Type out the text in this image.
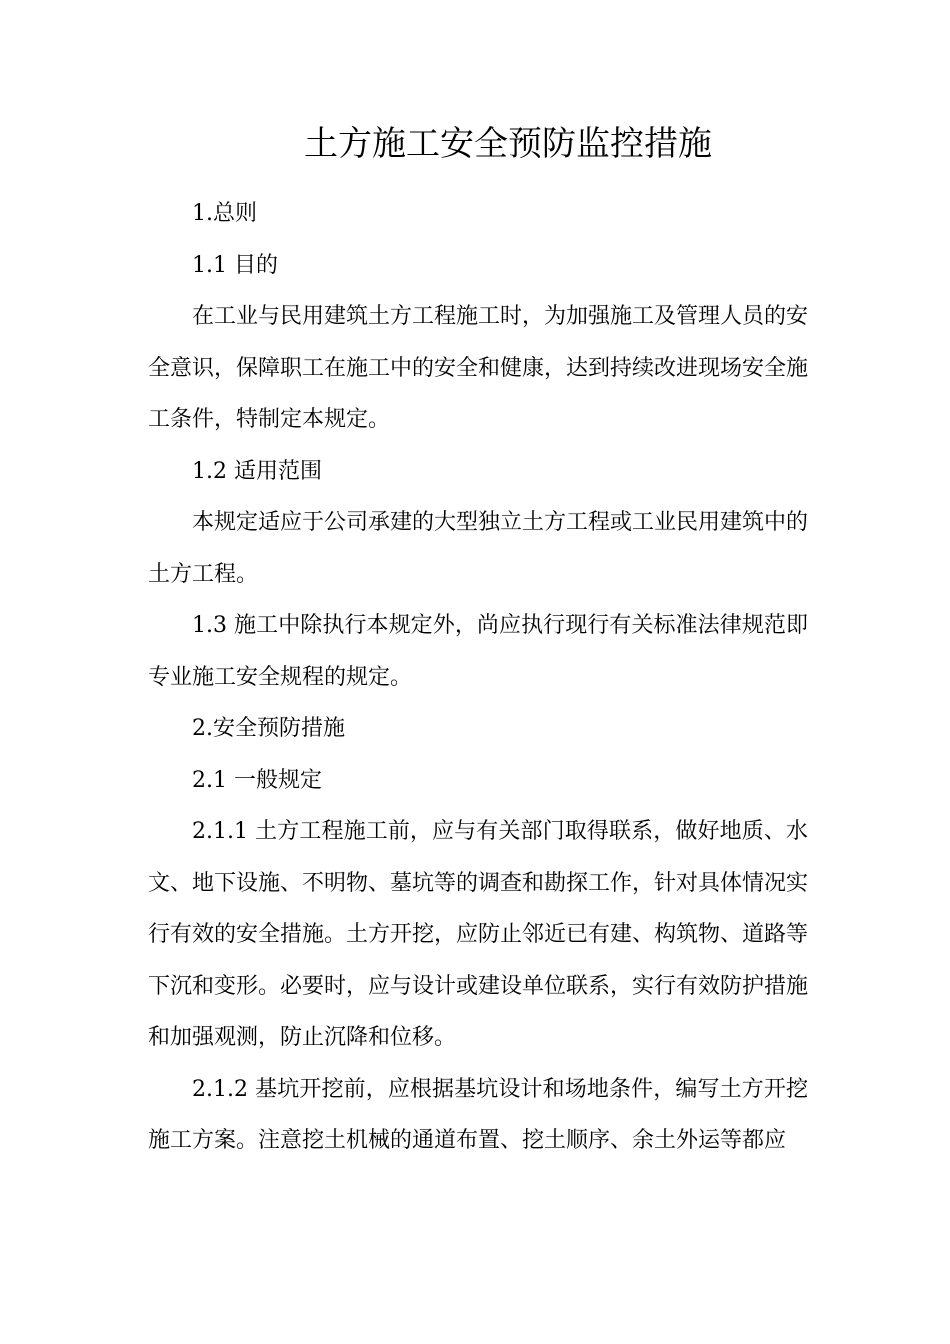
土方施工安全预防监控措施

1.总则

1.1 目的

在工业与民用建筑土方工程施工时，为加强施工及管理人员的安全意识，保障职工在施工中的安全和健康，达到持续改进现场安全施工条件，特制定本规定。

1.2 适用范围

本规定适应于公司承建的大型独立土方工程或工业民用建筑中的土方工程。

1.3 施工中除执行本规定外，尚应执行现行有关标准法律规范即专业施工安全规程的规定。

2.安全预防措施

2.1 一般规定

2.1.1 土方工程施工前，应与有关部门取得联系，做好地质、水文、地下设施、不明物、墓坑等的调查和勘探工作，针对具体情况实行有效的安全措施。土方开挖，应防止邻近已有建、构筑物、道路等下沉和变形。必要时，应与设计或建设单位联系，实行有效防护措施和加强观测，防止沉降和位移。

2.1.2 基坑开挖前，应根据基坑设计和场地条件，编写土方开挖施工方案。注意挖土机械的通道布置、挖土顺序、余土外运等都应
